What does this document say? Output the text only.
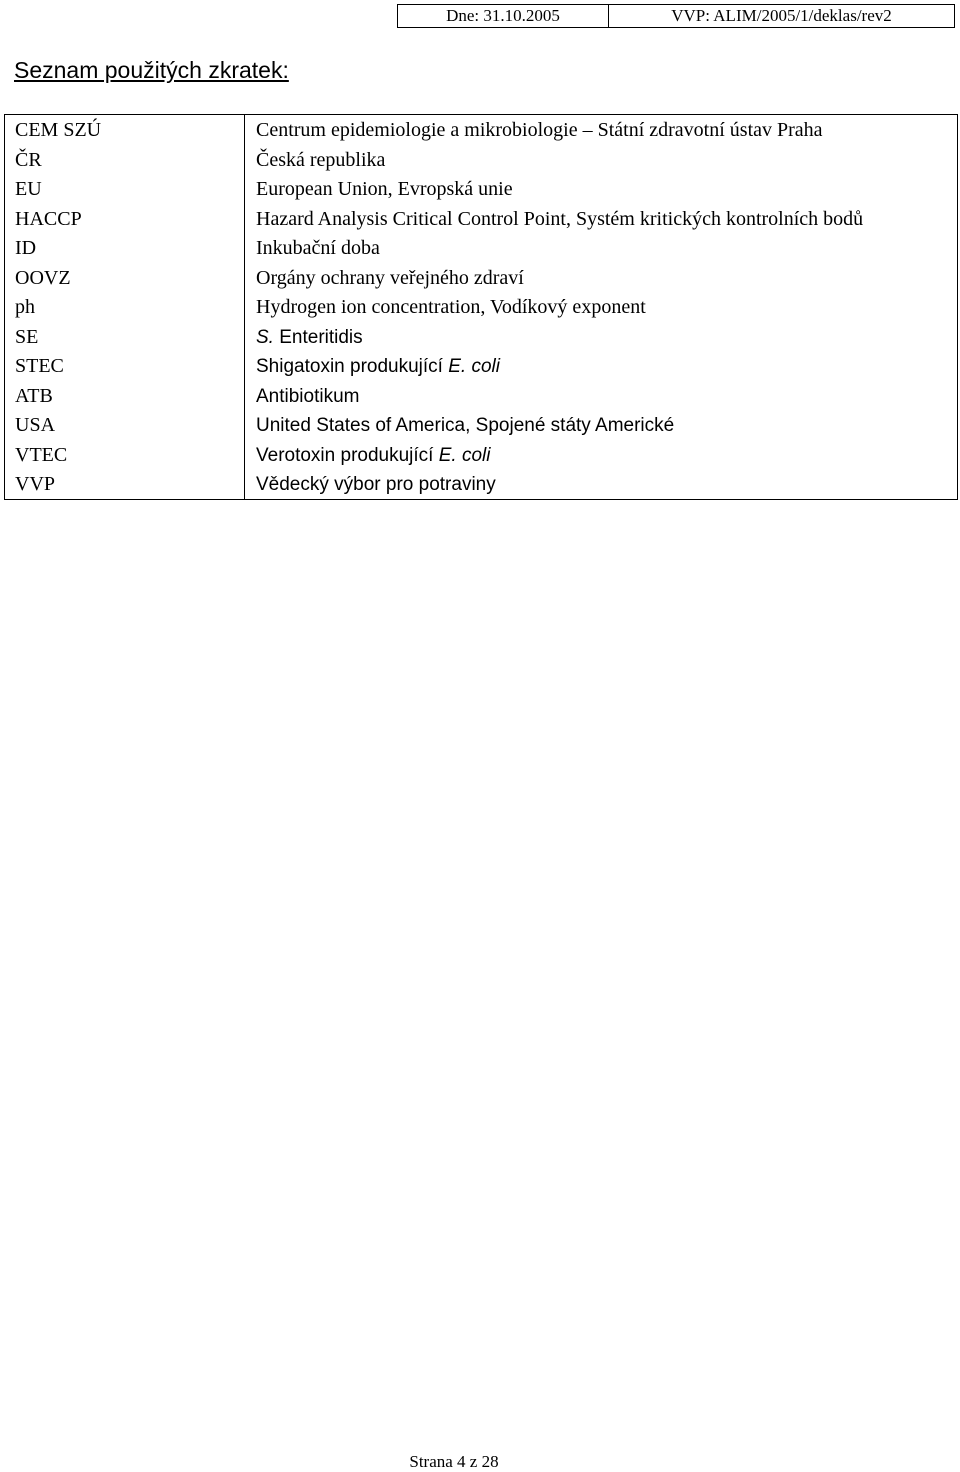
Dne: 31.10.2005	VVP: ALIM/2005/1/deklas/rev2
Seznam použitých zkratek:
CEM SZÚ	Centrum epidemiologie a mikrobiologie – Státní zdravotní ústav Praha
ČR	Česká republika
EU	European Union, Evropská unie
HACCP	Hazard Analysis Critical Control Point, Systém kritických kontrolních bodů
ID	Inkubační doba
OOVZ	Orgány ochrany veřejného zdraví
ph	Hydrogen ion concentration, Vodíkový exponent
SE	S. Enteritidis
STEC	Shigatoxin produkující E. coli
ATB	Antibiotikum
USA	United States of America, Spojené státy Americké
VTEC	Verotoxin produkující E. coli
VVP	Vědecký výbor pro potraviny
Strana 4 z 28
